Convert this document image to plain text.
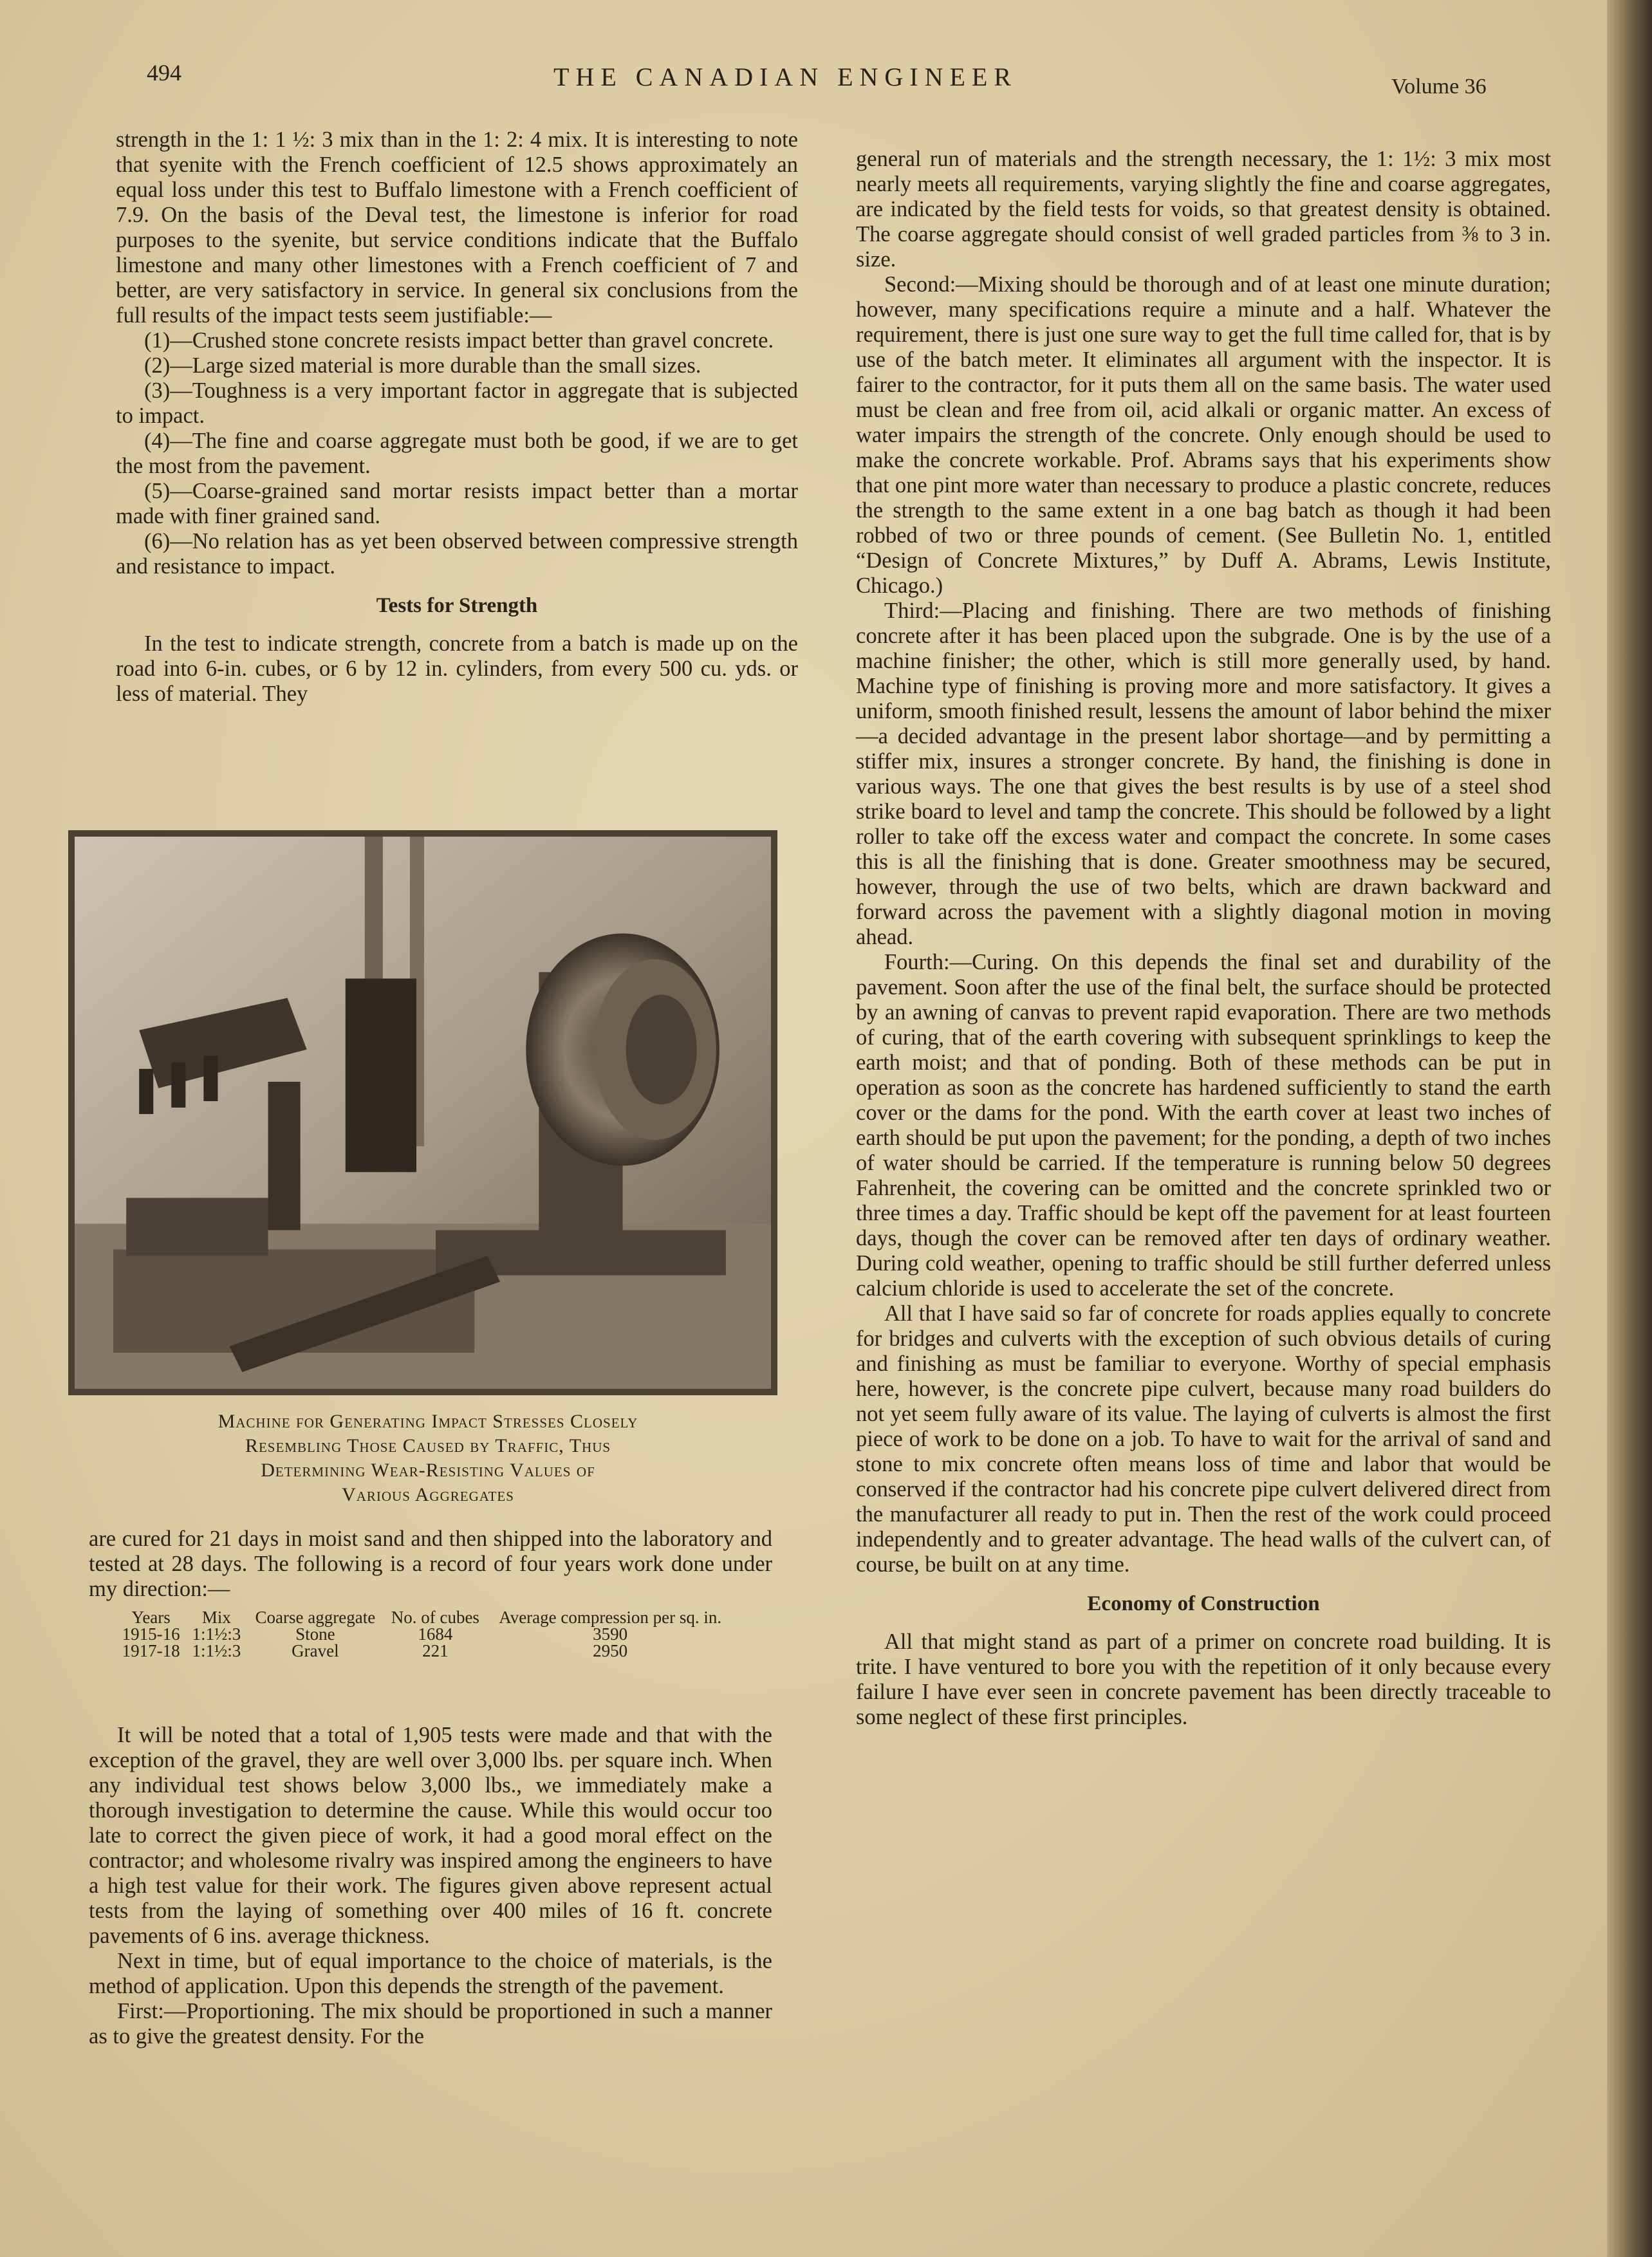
494	THE CANADIAN ENGINEER	Volume 36

strength in the 1: 1 ½: 3 mix than in the 1: 2: 4 mix. It is interesting to note that syenite with the French coefficient of 12.5 shows approximately an equal loss under this test to Buffalo limestone with a French coefficient of 7.9. On the basis of the Deval test, the limestone is inferior for road purposes to the syenite, but service conditions indicate that the Buffalo limestone and many other limestones with a French coefficient of 7 and better, are very satisfactory in service. In general six conclusions from the full results of the impact tests seem justifiable:—

(1)—Crushed stone concrete resists impact better than gravel concrete.

(2)—Large sized material is more durable than the small sizes.

(3)—Toughness is a very important factor in aggregate that is subjected to impact.

(4)—The fine and coarse aggregate must both be good, if we are to get the most from the pavement.

(5)—Coarse-grained sand mortar resists impact better than a mortar made with finer grained sand.

(6)—No relation has as yet been observed between compressive strength and resistance to impact.

Tests for Strength

In the test to indicate strength, concrete from a batch is made up on the road into 6-in. cubes, or 6 by 12 in. cylinders, from every 500 cu. yds. or less of material. They

Machine for Generating Impact Stresses Closely
Resembling Those Caused by Traffic, Thus
Determining Wear-Resisting Values of
Various Aggregates

are cured for 21 days in moist sand and then shipped into the laboratory and tested at 28 days. The following is a record of four years work done under my direction:—

It will be noted that a total of 1,905 tests were made and that with the exception of the gravel, they are well over 3,000 lbs. per square inch. When any individual test shows below 3,000 lbs., we immediately make a thorough investigation to determine the cause. While this would occur too late to correct the given piece of work, it had a good moral effect on the contractor; and wholesome rivalry was inspired among the engineers to have a high test value for their work. The figures given above represent actual tests from the laying of something over 400 miles of 16 ft. concrete pavements of 6 ins. average thickness.

Next in time, but of equal importance to the choice of materials, is the method of application. Upon this depends the strength of the pavement.

First:—Proportioning. The mix should be proportioned in such a manner as to give the greatest density. For the

Years	Mix	Coarse aggregate	No. of cubes	Average compression per sq. in.
1915-16	1:1½:3	Stone	1684	3590
1917-18	1:1½:3	Gravel	221	2950

general run of materials and the strength necessary, the 1: 1½: 3 mix most nearly meets all requirements, varying slightly the fine and coarse aggregates, are indicated by the field tests for voids, so that greatest density is obtained. The coarse aggregate should consist of well graded particles from ⅜ to 3 in. size.

Second:—Mixing should be thorough and of at least one minute duration; however, many specifications require a minute and a half. Whatever the requirement, there is just one sure way to get the full time called for, that is by use of the batch meter. It eliminates all argument with the inspector. It is fairer to the contractor, for it puts them all on the same basis. The water used must be clean and free from oil, acid alkali or organic matter. An excess of water impairs the strength of the concrete. Only enough should be used to make the concrete workable. Prof. Abrams says that his experiments show that one pint more water than necessary to produce a plastic concrete, reduces the strength to the same extent in a one bag batch as though it had been robbed of two or three pounds of cement. (See Bulletin No. 1, entitled “Design of Concrete Mixtures,” by Duff A. Abrams, Lewis Institute, Chicago.)

Third:—Placing and finishing. There are two methods of finishing concrete after it has been placed upon the subgrade. One is by the use of a machine finisher; the other, which is still more generally used, by hand. Machine type of finishing is proving more and more satisfactory. It gives a uniform, smooth finished result, lessens the amount of labor behind the mixer—a decided advantage in the present labor shortage—and by permitting a stiffer mix, insures a stronger concrete. By hand, the finishing is done in various ways. The one that gives the best results is by use of a steel shod strike board to level and tamp the concrete. This should be followed by a light roller to take off the excess water and compact the concrete. In some cases this is all the finishing that is done. Greater smoothness may be secured, however, through the use of two belts, which are drawn backward and forward across the pavement with a slightly diagonal motion in moving ahead.

Fourth:—Curing. On this depends the final set and durability of the pavement. Soon after the use of the final belt, the surface should be protected by an awning of canvas to prevent rapid evaporation. There are two methods of curing, that of the earth covering with subsequent sprinklings to keep the earth moist; and that of ponding. Both of these methods can be put in operation as soon as the concrete has hardened sufficiently to stand the earth cover or the dams for the pond. With the earth cover at least two inches of earth should be put upon the pavement; for the ponding, a depth of two inches of water should be carried. If the temperature is running below 50 degrees Fahrenheit, the covering can be omitted and the concrete sprinkled two or three times a day. Traffic should be kept off the pavement for at least fourteen days, though the cover can be removed after ten days of ordinary weather. During cold weather, opening to traffic should be still further deferred unless calcium chloride is used to accelerate the set of the concrete.

All that I have said so far of concrete for roads applies equally to concrete for bridges and culverts with the exception of such obvious details of curing and finishing as must be familiar to everyone. Worthy of special emphasis here, however, is the concrete pipe culvert, because many road builders do not yet seem fully aware of its value. The laying of culverts is almost the first piece of work to be done on a job. To have to wait for the arrival of sand and stone to mix concrete often means loss of time and labor that would be conserved if the contractor had his concrete pipe culvert delivered direct from the manufacturer all ready to put in. Then the rest of the work could proceed independently and to greater advantage. The head walls of the culvert can, of course, be built on at any time.

Economy of Construction

All that might stand as part of a primer on concrete road building. It is trite. I have ventured to bore you with the repetition of it only because every failure I have ever seen in concrete pavement has been directly traceable to some neglect of these first principles.
